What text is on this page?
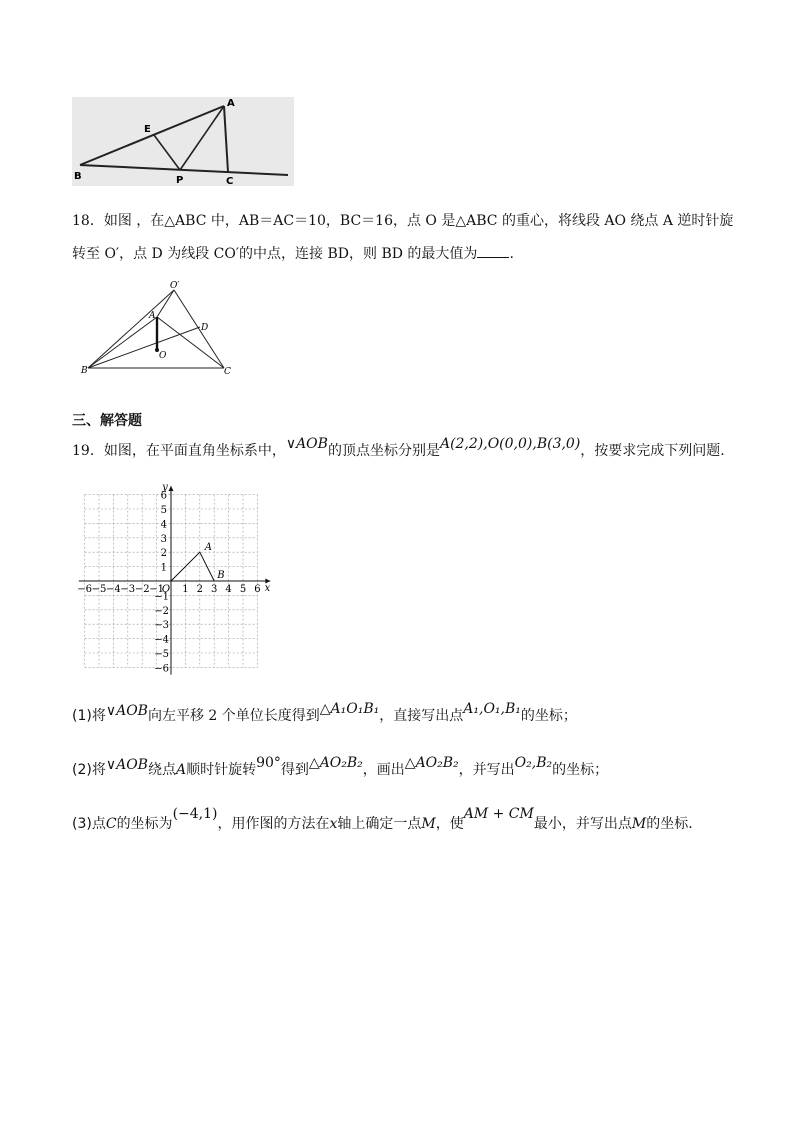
A
B	C
E
P
18．如图 ，在△ABC 中，AB＝AC＝10，BC＝16，点 O 是△ABC 的重心，将线段 AO 绕点 A 逆时针旋
转至 O′，点 D 为线段 CO′的中点，连接 BD，则 BD 的最大值为 .
O′
A
D
O
B	C
三、解答题
19．如图，在平面直角坐标系中，∨AOB的顶点坐标分别是A(2,2),O(0,0),B(3,0)，按要求完成下列问题.
−6 −5 −4 −3 −2 −1 1 2 3 4 5 6
6
5
4
3
2
1
−1
−2
−3
−4
−5
−6
x
y
O
A
B
(1)将∨AOB向左平移 2 个单位长度得到△A₁O₁B₁，直接写出点A₁,O₁,B₁的坐标；
(2)将∨AOB绕点A顺时针旋转90°得到△AO₂B₂，画出△AO₂B₂，并写出O₂,B₂的坐标；
(3)点C的坐标为(−4,1)，用作图的方法在x轴上确定一点M，使AM + CM最小，并写出点M的坐标.
